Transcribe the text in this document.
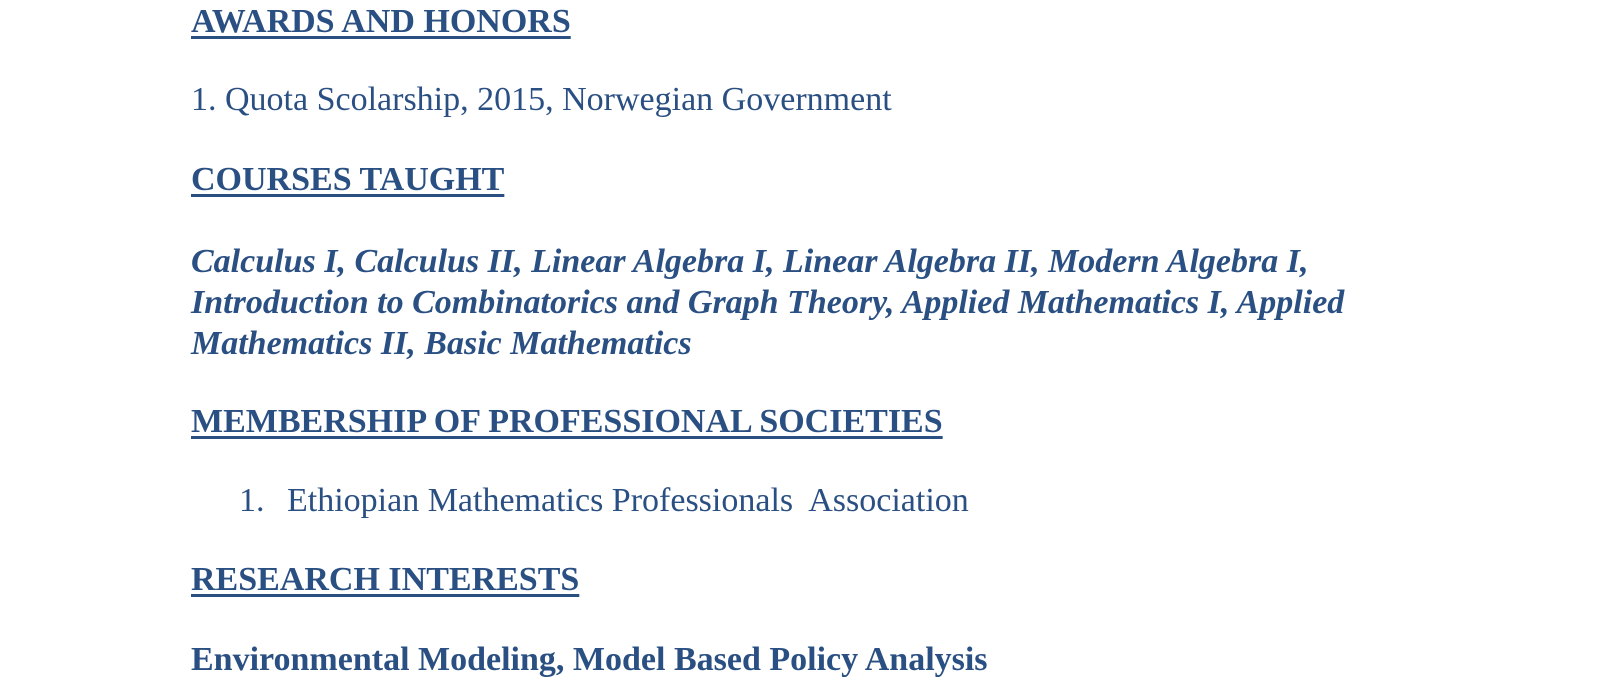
AWARDS AND HONORS

1. Quota Scolarship, 2015, Norwegian Government

COURSES TAUGHT

Calculus I, Calculus II, Linear Algebra I, Linear Algebra II, Modern Algebra I, Introduction to Combinatorics and Graph Theory, Applied Mathematics I, Applied Mathematics II, Basic Mathematics

MEMBERSHIP OF PROFESSIONAL SOCIETIES
1. Ethiopian Mathematics Professionals  Association
RESEARCH INTERESTS

Environmental Modeling, Model Based Policy Analysis
